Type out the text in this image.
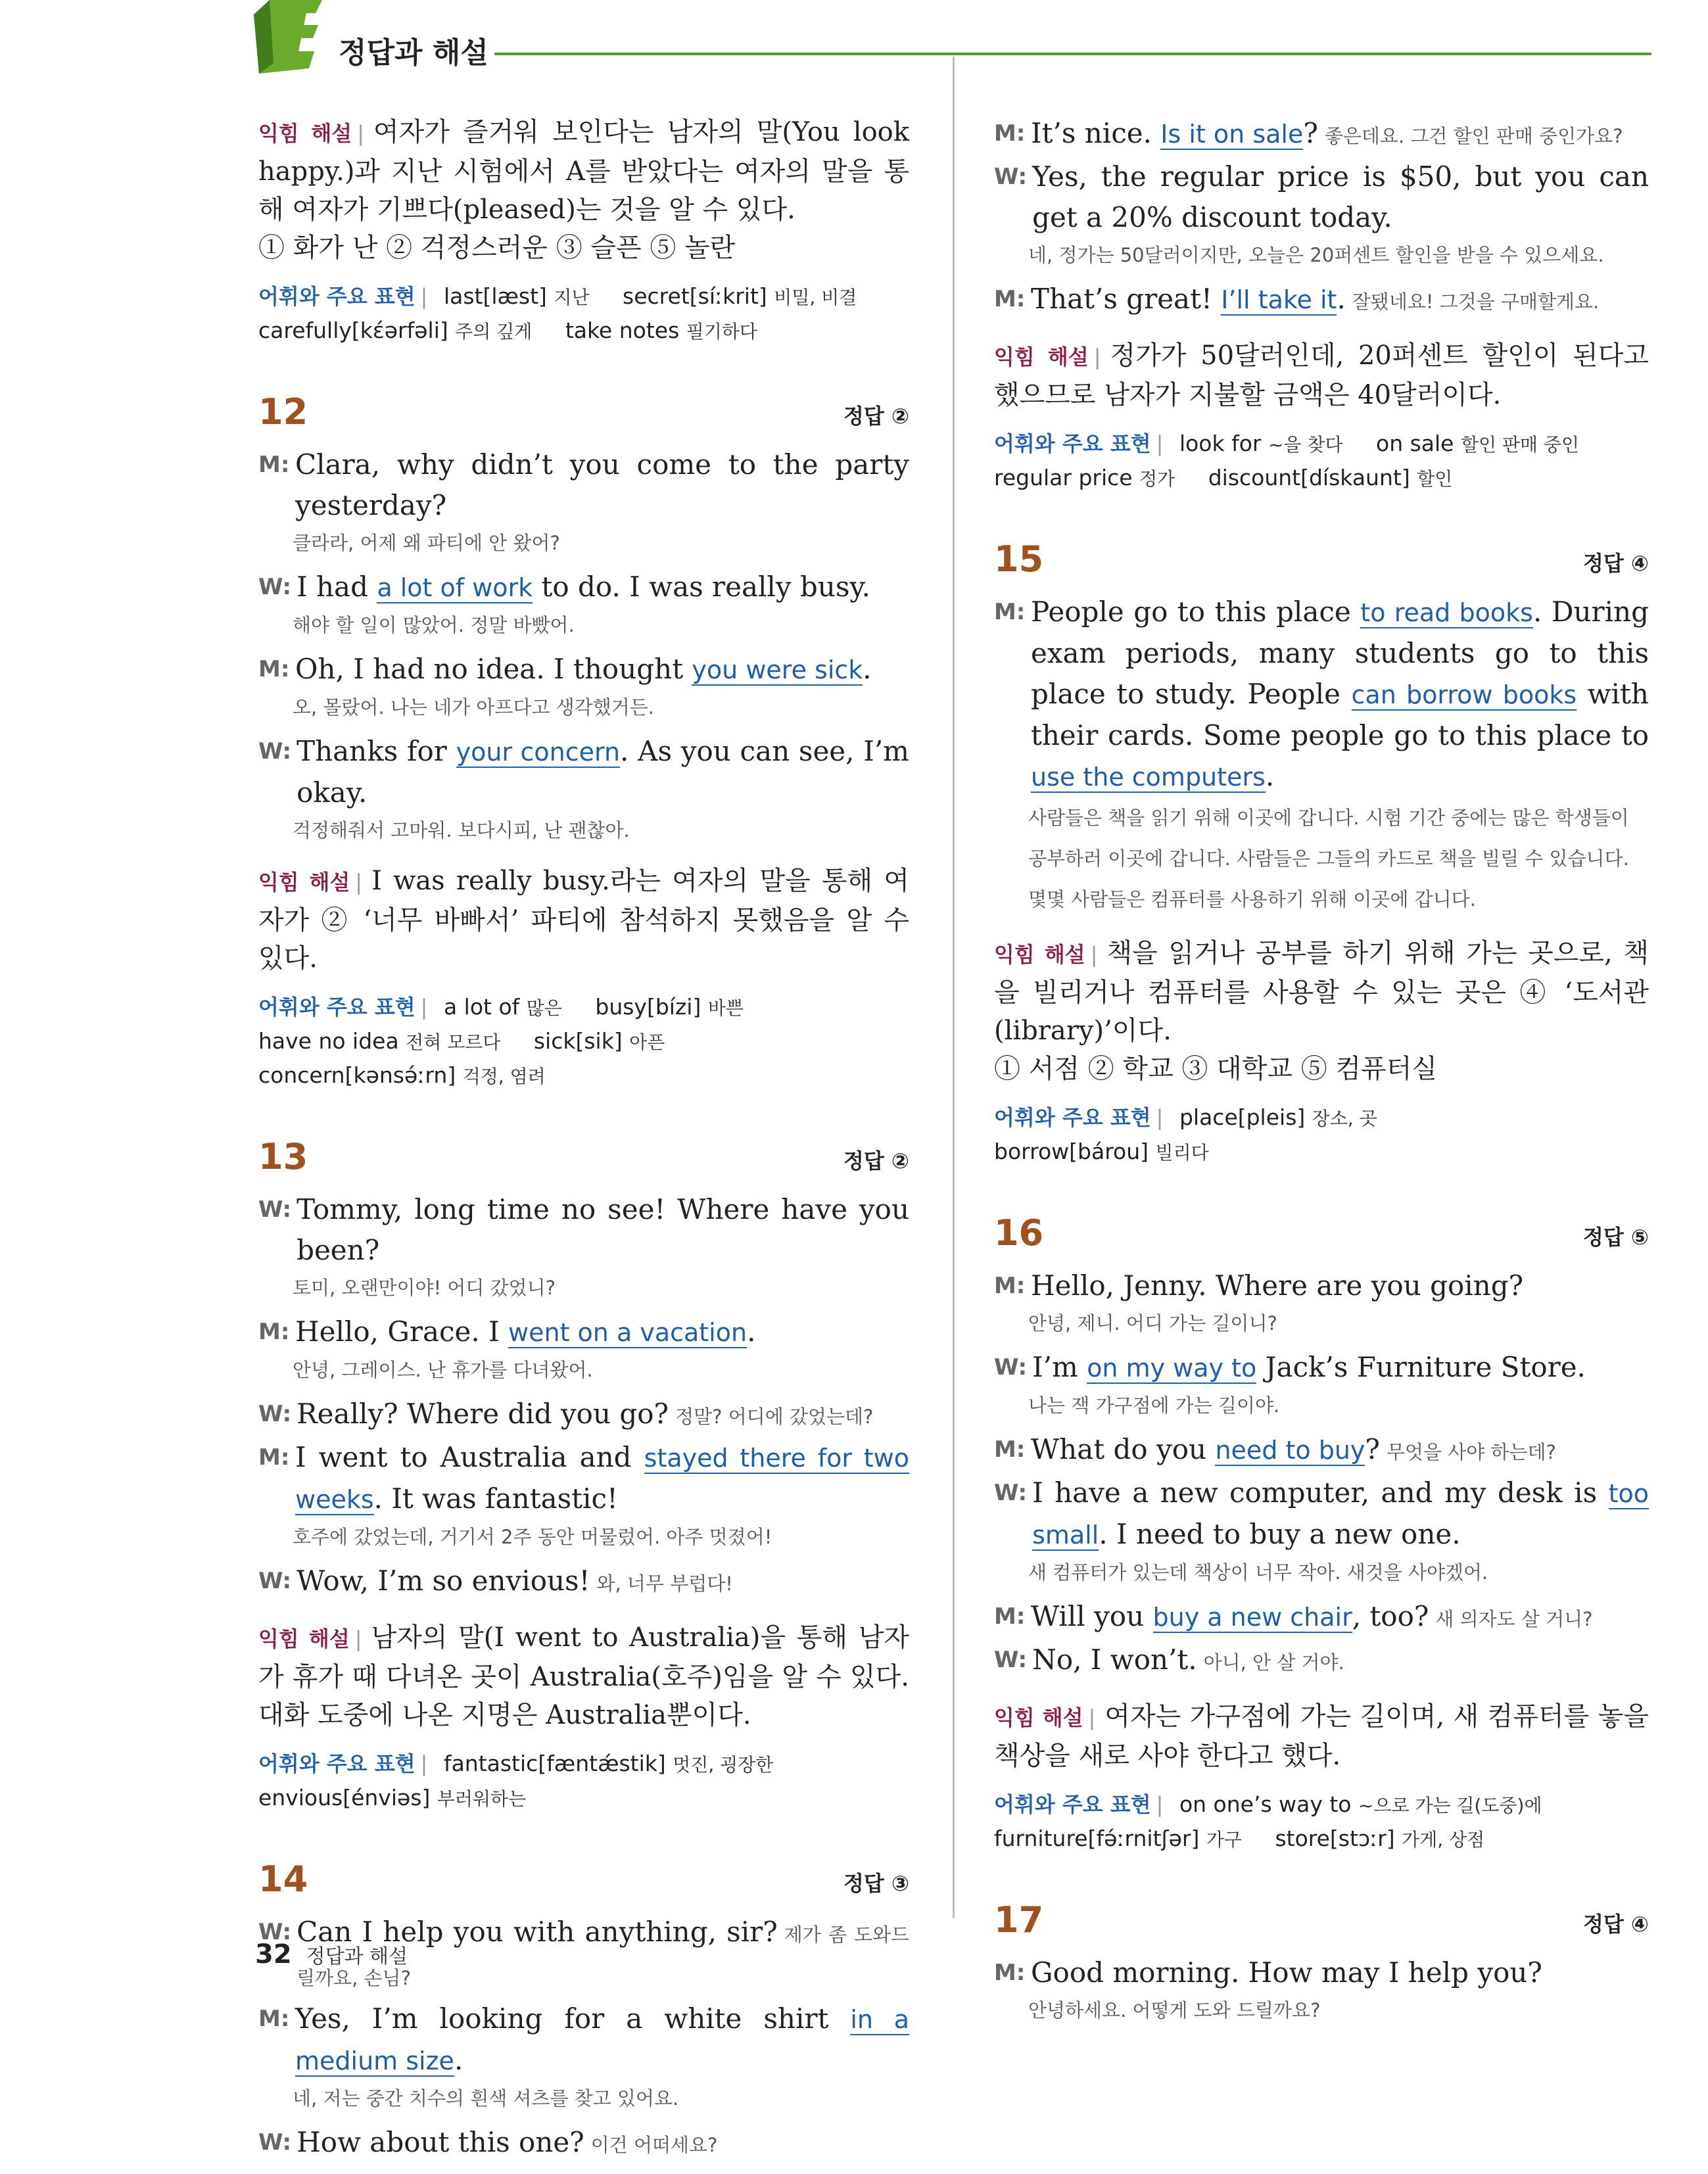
정답과 해설
익힘 해설 | 여자가 즐거워 보인다는 남자의 말(You look happy.)과 지난 시험에서 A를 받았다는 여자의 말을 통해 여자가 기쁘다(pleased)는 것을 알 수 있다.
① 화가 난 ② 걱정스러운 ③ 슬픈 ⑤ 놀란
어휘와 주요 표현 | last[læst] 지난 secret[síːkrit] 비밀, 비결
carefully[kɛ́ərfəli] 주의 깊게 take notes 필기하다
12	정답 ②
M: Clara, why didn’t you come to the party yesterday?
클라라, 어제 왜 파티에 안 왔어?
W: I had a lot of work to do. I was really busy.
해야 할 일이 많았어. 정말 바빴어.
M: Oh, I had no idea. I thought you were sick.
오, 몰랐어. 나는 네가 아프다고 생각했거든.
W: Thanks for your concern. As you can see, I’m okay.
걱정해줘서 고마워. 보다시피, 난 괜찮아.
익힘 해설 | I was really busy.라는 여자의 말을 통해 여자가 ② ‘너무 바빠서’ 파티에 참석하지 못했음을 알 수 있다.
어휘와 주요 표현 | a lot of 많은 busy[bízi] 바쁜
have no idea 전혀 모르다 sick[sik] 아픈
concern[kənsə́ːrn] 걱정, 염려
13	정답 ②
W: Tommy, long time no see! Where have you been?
토미, 오랜만이야! 어디 갔었니?
M: Hello, Grace. I went on a vacation.
안녕, 그레이스. 난 휴가를 다녀왔어.
W: Really? Where did you go? 정말? 어디에 갔었는데?
M: I went to Australia and stayed there for two weeks. It was fantastic!
호주에 갔었는데, 거기서 2주 동안 머물렀어. 아주 멋졌어!
W: Wow, I’m so envious! 와, 너무 부럽다!
익힘 해설 | 남자의 말(I went to Australia)을 통해 남자가 휴가 때 다녀온 곳이 Australia(호주)임을 알 수 있다. 대화 도중에 나온 지명은 Australia뿐이다.
어휘와 주요 표현 | fantastic[fæntǽstik] 멋진, 굉장한
envious[énviəs] 부러워하는
14	정답 ③
W: Can I help you with anything, sir? 제가 좀 도와드릴까요, 손님?
M: Yes, I’m looking for a white shirt in a medium size.
네, 저는 중간 치수의 흰색 셔츠를 찾고 있어요.
W: How about this one? 이건 어떠세요?
M: It’s nice. Is it on sale? 좋은데요. 그건 할인 판매 중인가요?
W: Yes, the regular price is $50, but you can get a 20% discount today.
네, 정가는 50달러이지만, 오늘은 20퍼센트 할인을 받을 수 있으세요.
M: That’s great! I’ll take it. 잘됐네요! 그것을 구매할게요.
익힘 해설 | 정가가 50달러인데, 20퍼센트 할인이 된다고 했으므로 남자가 지불할 금액은 40달러이다.
어휘와 주요 표현 | look for ~을 찾다 on sale 할인 판매 중인
regular price 정가 discount[dískaunt] 할인
15	정답 ④
M: People go to this place to read books. During exam periods, many students go to this place to study. People can borrow books with their cards. Some people go to this place to use the computers.
사람들은 책을 읽기 위해 이곳에 갑니다. 시험 기간 중에는 많은 학생들이 공부하러 이곳에 갑니다. 사람들은 그들의 카드로 책을 빌릴 수 있습니다. 몇몇 사람들은 컴퓨터를 사용하기 위해 이곳에 갑니다.
익힘 해설 | 책을 읽거나 공부를 하기 위해 가는 곳으로, 책을 빌리거나 컴퓨터를 사용할 수 있는 곳은 ④ ‘도서관(library)’이다.
① 서점 ② 학교 ③ 대학교 ⑤ 컴퓨터실
어휘와 주요 표현 | place[pleis] 장소, 곳 borrow[bárou] 빌리다
16	정답 ⑤
M: Hello, Jenny. Where are you going?
안녕, 제니. 어디 가는 길이니?
W: I’m on my way to Jack’s Furniture Store.
나는 잭 가구점에 가는 길이야.
M: What do you need to buy? 무엇을 사야 하는데?
W: I have a new computer, and my desk is too small. I need to buy a new one.
새 컴퓨터가 있는데 책상이 너무 작아. 새것을 사야겠어.
M: Will you buy a new chair, too? 새 의자도 살 거니?
W: No, I won’t. 아니, 안 살 거야.
익힘 해설 | 여자는 가구점에 가는 길이며, 새 컴퓨터를 놓을 책상을 새로 사야 한다고 했다.
어휘와 주요 표현 | on one’s way to ~으로 가는 길(도중)에
furniture[fə́ːrnitʃər] 가구 store[stɔːr] 가게, 상점
17	정답 ④
M: Good morning. How may I help you?
안녕하세요. 어떻게 도와 드릴까요?
32 정답과 해설
